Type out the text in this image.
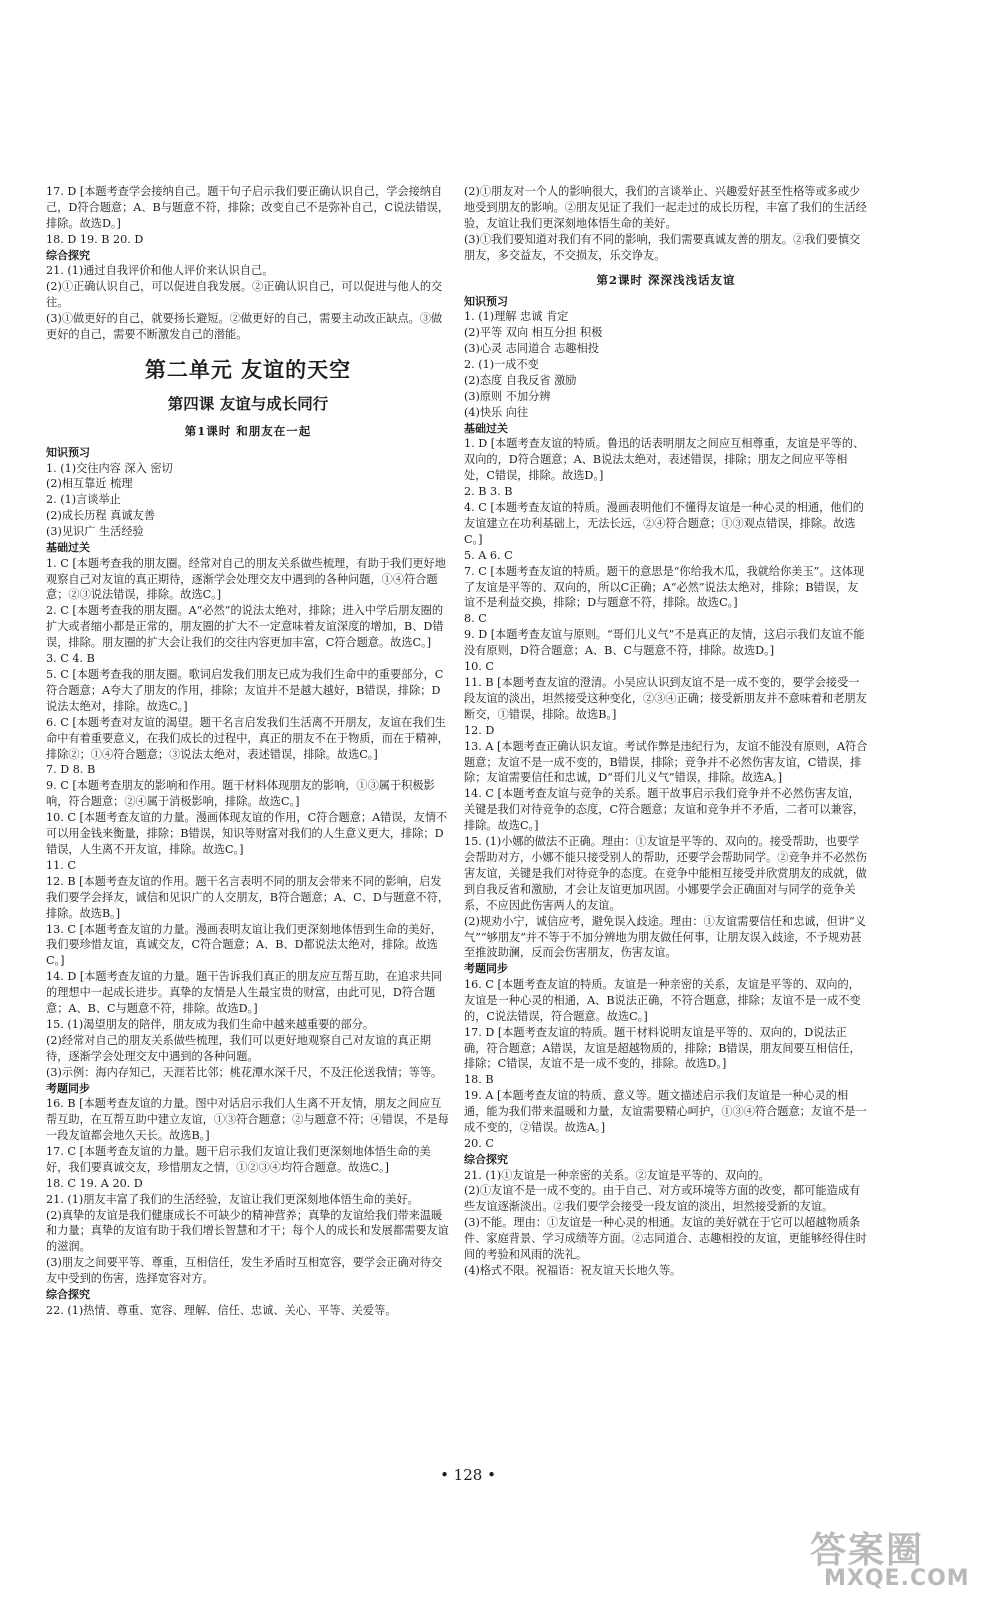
17. D [本题考查学会接纳自己。题干句子启示我们要正确认识自己，学会接纳自己，D符合题意；A、B与题意不符，排除；改变自己不是弥补自己，C说法错误，排除。故选D。]
18. D 19. B 20. D
综合探究
21. (1)通过自我评价和他人评价来认识自己。
(2)①正确认识自己，可以促进自我发展。②正确认识自己，可以促进与他人的交往。
(3)①做更好的自己，就要扬长避短。②做更好的自己，需要主动改正缺点。③做更好的自己，需要不断激发自己的潜能。
第二单元 友谊的天空
第四课 友谊与成长同行
第1课时 和朋友在一起
知识预习
1. (1)交往内容 深入 密切
(2)相互靠近 梳理
2. (1)言谈举止
(2)成长历程 真诚友善
(3)见识广 生活经验
基础过关
1. C [本题考查我的朋友圈。经常对自己的朋友关系做些梳理，有助于我们更好地观察自己对友谊的真正期待，逐渐学会处理交友中遇到的各种问题，①④符合题意；②③说法错误，排除。故选C。]
2. C [本题考查我的朋友圈。A“必然”的说法太绝对，排除；进入中学后朋友圈的扩大或者缩小都是正常的，朋友圈的扩大不一定意味着友谊深度的增加，B、D错误，排除。朋友圈的扩大会让我们的交往内容更加丰富，C符合题意。故选C。]
3. C 4. B
5. C [本题考查我的朋友圈。歌词启发我们朋友已成为我们生命中的重要部分，C符合题意；A夸大了朋友的作用，排除；友谊并不是越大越好，B错误，排除；D说法太绝对，排除。故选C。]
6. C [本题考查对友谊的渴望。题干名言启发我们生活离不开朋友，友谊在我们生命中有着重要意义，在我们成长的过程中，真正的朋友不在于物质，而在于精神，排除②；①④符合题意；③说法太绝对，表述错误，排除。故选C。]
7. D 8. B
9. C [本题考查朋友的影响和作用。题干材料体现朋友的影响，①③属于积极影响，符合题意；②④属于消极影响，排除。故选C。]
10. C [本题考查友谊的力量。漫画体现友谊的作用，C符合题意；A错误，友情不可以用金钱来衡量，排除；B错误，知识等财富对我们的人生意义更大，排除；D错误，人生离不开友谊，排除。故选C。]
11. C
12. B [本题考查友谊的作用。题干名言表明不同的朋友会带来不同的影响，启发我们要学会择友，诚信和见识广的人交朋友，B符合题意；A、C、D与题意不符，排除。故选B。]
13. C [本题考查友谊的力量。漫画表明友谊让我们更深刻地体悟到生命的美好，我们要珍惜友谊，真诚交友，C符合题意；A、B、D都说法太绝对，排除。故选C。]
14. D [本题考查友谊的力量。题干告诉我们真正的朋友应互帮互助，在追求共同的理想中一起成长进步。真挚的友情是人生最宝贵的财富，由此可见，D符合题意；A、B、C与题意不符，排除。故选D。]
15. (1)渴望朋友的陪伴，朋友成为我们生命中越来越重要的部分。
(2)经常对自己的朋友关系做些梳理，我们可以更好地观察自己对友谊的真正期待，逐渐学会处理交友中遇到的各种问题。
(3)示例：海内存知己，天涯若比邻；桃花潭水深千尺，不及汪伦送我情；等等。
考题同步
16. B [本题考查友谊的力量。图中对话启示我们人生离不开友情，朋友之间应互帮互助，在互帮互助中建立友谊，①③符合题意；②与题意不符；④错误，不是每一段友谊都会地久天长。故选B。]
17. C [本题考查友谊的力量。题干启示我们友谊让我们更深刻地体悟生命的美好，我们要真诚交友，珍惜朋友之情，①②③④均符合题意。故选C。]
18. C 19. A 20. D
21. (1)朋友丰富了我们的生活经验，友谊让我们更深刻地体悟生命的美好。
(2)真挚的友谊是我们健康成长不可缺少的精神营养；真挚的友谊给我们带来温暖和力量；真挚的友谊有助于我们增长智慧和才干；每个人的成长和发展都需要友谊的滋润。
(3)朋友之间要平等、尊重，互相信任，发生矛盾时互相宽容，要学会正确对待交友中受到的伤害，选择宽容对方。
综合探究
22. (1)热情、尊重、宽容、理解、信任、忠诚、关心、平等、关爱等。
(2)①朋友对一个人的影响很大，我们的言谈举止、兴趣爱好甚至性格等或多或少地受到朋友的影响。②朋友见证了我们一起走过的成长历程，丰富了我们的生活经验，友谊让我们更深刻地体悟生命的美好。
(3)①我们要知道对我们有不同的影响，我们需要真诚友善的朋友。②我们要慎交朋友，多交益友，不交损友，乐交诤友。
第2课时 深深浅浅话友谊
知识预习
1. (1)理解 忠诚 肯定
(2)平等 双向 相互分担 积极
(3)心灵 志同道合 志趣相投
2. (1)一成不变
(2)态度 自我反省 激励
(3)原则 不加分辨
(4)快乐 向往
基础过关
1. D [本题考查友谊的特质。鲁迅的话表明朋友之间应互相尊重，友谊是平等的、双向的，D符合题意；A、B说法太绝对，表述错误，排除；朋友之间应平等相处，C错误，排除。故选D。]
2. B 3. B
4. C [本题考查友谊的特质。漫画表明他们不懂得友谊是一种心灵的相通，他们的友谊建立在功利基础上，无法长远，②④符合题意；①③观点错误，排除。故选C。]
5. A 6. C
7. C [本题考查友谊的特质。题干的意思是“你给我木瓜，我就给你美玉”。这体现了友谊是平等的、双向的，所以C正确；A“必然”说法太绝对，排除；B错误，友谊不是利益交换，排除；D与题意不符，排除。故选C。]
8. C
9. D [本题考查友谊与原则。“哥们儿义气”不是真正的友情，这启示我们友谊不能没有原则，D符合题意；A、B、C与题意不符，排除。故选D。]
10. C
11. B [本题考查友谊的澄清。小吴应认识到友谊不是一成不变的，要学会接受一段友谊的淡出，坦然接受这种变化，②③④正确；接受新朋友并不意味着和老朋友断交，①错误，排除。故选B。]
12. D
13. A [本题考查正确认识友谊。考试作弊是违纪行为，友谊不能没有原则，A符合题意；友谊不是一成不变的，B错误，排除；竞争并不必然伤害友谊，C错误，排除；友谊需要信任和忠诚，D“哥们儿义气”错误，排除。故选A。]
14. C [本题考查友谊与竞争的关系。题干故事启示我们竞争并不必然伤害友谊，关键是我们对待竞争的态度，C符合题意；友谊和竞争并不矛盾，二者可以兼容，排除。故选C。]
15. (1)小娜的做法不正确。理由：①友谊是平等的、双向的。接受帮助，也要学会帮助对方，小娜不能只接受别人的帮助，还要学会帮助同学。②竞争并不必然伤害友谊，关键是我们对待竞争的态度。在竞争中能相互接受并欣赏朋友的成就，做到自我反省和激励，才会让友谊更加巩固。小娜要学会正确面对与同学的竞争关系，不应因此伤害两人的友谊。
(2)规劝小宁，诚信应考，避免误入歧途。理由：①友谊需要信任和忠诚，但讲“义气”“够朋友”并不等于不加分辨地为朋友做任何事，让朋友误入歧途，不予规劝甚至推波助澜，反而会伤害朋友，伤害友谊。
考题同步
16. C [本题考查友谊的特质。友谊是一种亲密的关系，友谊是平等的、双向的，友谊是一种心灵的相通，A、B说法正确，不符合题意，排除；友谊不是一成不变的，C说法错误，符合题意。故选C。]
17. D [本题考查友谊的特质。题干材料说明友谊是平等的、双向的，D说法正确，符合题意；A错误，友谊是超越物质的，排除；B错误，朋友间要互相信任，排除；C错误，友谊不是一成不变的，排除。故选D。]
18. B
19. A [本题考查友谊的特质、意义等。题文描述启示我们友谊是一种心灵的相通，能为我们带来温暖和力量，友谊需要精心呵护，①③④符合题意；友谊不是一成不变的，②错误。故选A。]
20. C
综合探究
21. (1)①友谊是一种亲密的关系。②友谊是平等的、双向的。
(2)①友谊不是一成不变的。由于自己、对方或环境等方面的改变，都可能造成有些友谊逐渐淡出。②我们要学会接受一段友谊的淡出，坦然接受新的友谊。
(3)不能。理由：①友谊是一种心灵的相通。友谊的美好就在于它可以超越物质条件、家庭背景、学习成绩等方面。②志同道合、志趣相投的友谊，更能够经得住时间的考验和风雨的洗礼。
(4)格式不限。祝福语：祝友谊天长地久等。
• 128 •
答案圈
MXQE.COM
